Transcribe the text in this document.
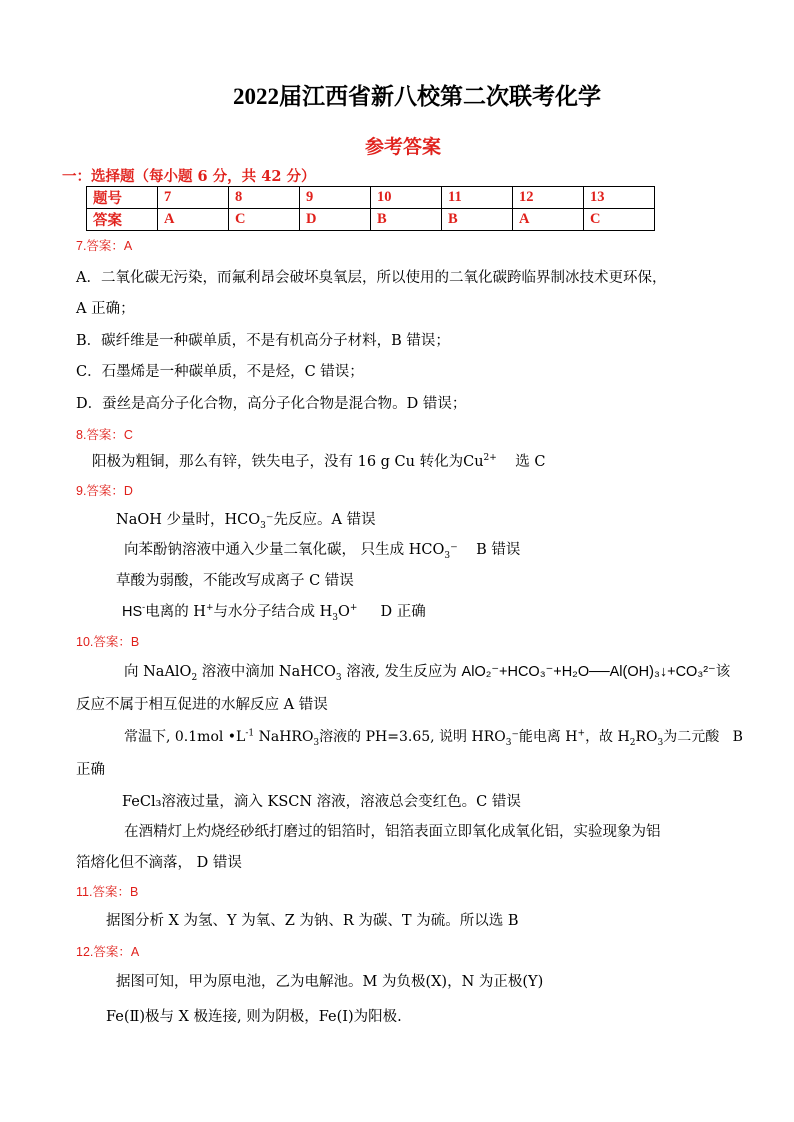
2022届江西省新八校第二次联考化学
参考答案
一：选择题（每小题 6 分，共 42 分）
题号	7	8	9	10	11	12	13
答案	A	C	D	B	B	A	C
7.答案：A
A．二氧化碳无污染，而氟利昂会破坏臭氧层，所以使用的二氧化碳跨临界制冰技术更环保，
A 正确；
B．碳纤维是一种碳单质，不是有机高分子材料，B 错误；
C．石墨烯是一种碳单质，不是烃，C 错误；
D．蚕丝是高分子化合物，高分子化合物是混合物。D 错误；
8.答案：C
阳极为粗铜，那么有锌，铁失电子，没有 16 g Cu 转化为$Cu^{2+}$ 选 C
9.答案：D
NaOH 少量时，$HCO_3^-$先反应。A 错误
向苯酚钠溶液中通入少量二氧化碳， 只生成 $HCO_3^-$ B 错误
草酸为弱酸，不能改写成离子 C 错误
HS-电离的 H+与水分子结合成 $H_3O^+$ D 正确
10.答案：B
向 NaAlO$_2$ 溶液中滴加 NaHCO$_3$ 溶液, 发生反应为 AlO₂⁻+HCO₃⁻+H₂O──Al(OH)₃↓+CO₃²⁻该
反应不属于相互促进的水解反应 A 错误
常温下, 0.1mol $•L^{-1}$ NaHRO$_3$溶液的 PH=3.65, 说明 $HRO_3^-$能电离 H+，故 $H_2RO_3$为二元酸 B
正确
FeCl₃溶液过量，滴入 KSCN 溶液，溶液总会变红色。C 错误
在酒精灯上灼烧经砂纸打磨过的铝箔时，铝箔表面立即氧化成氧化铝，实验现象为铝
箔熔化但不滴落， D 错误
11.答案：B
据图分析 X 为氢、Y 为氧、Z 为钠、R 为碳、T 为硫。所以选 B
12.答案：A
据图可知，甲为原电池，乙为电解池。M 为负极(X)，N 为正极(Y)
Fe(Ⅱ)极与 X 极连接, 则为阴极，Fe(Ⅰ)为阳极.
